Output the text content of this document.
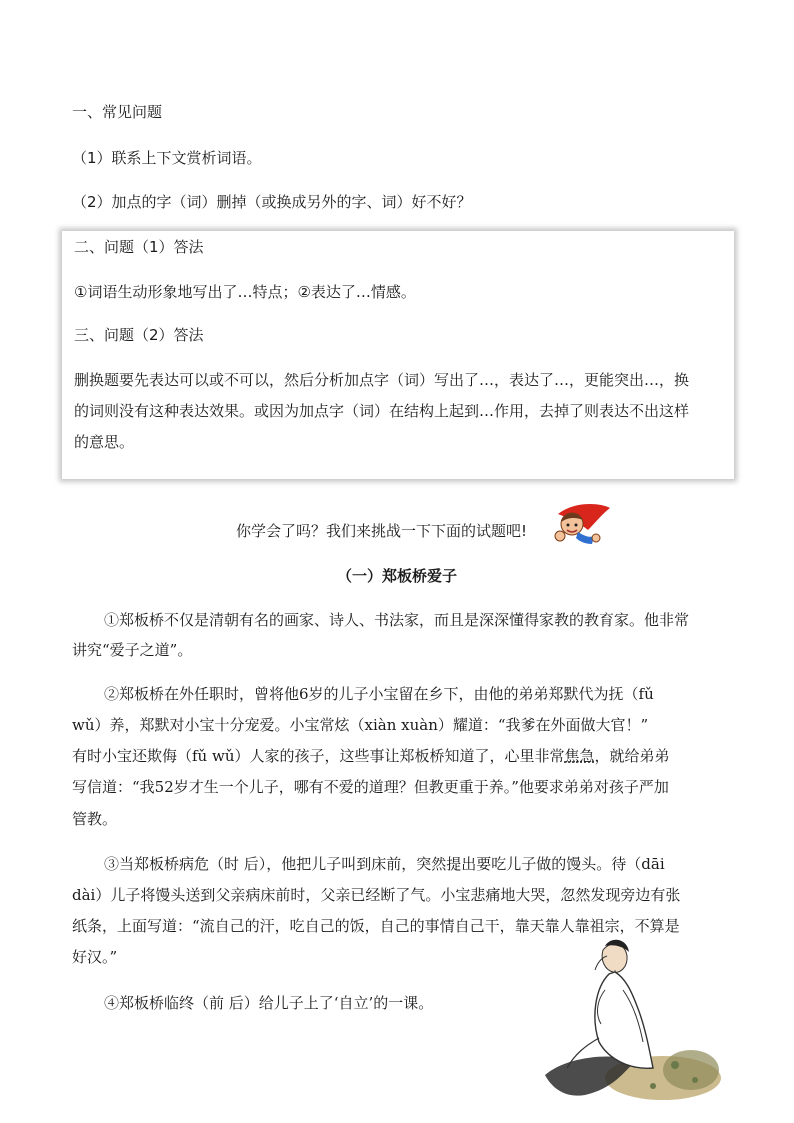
一、常见问题

（1）联系上下文赏析词语。

（2）加点的字（词）删掉（或换成另外的字、词）好不好？

二、问题（1）答法

①词语生动形象地写出了…特点；②表达了…情感。

三、问题（2）答法

删换题要先表达可以或不可以，然后分析加点字（词）写出了…，表达了…，更能突出…，换

的词则没有这种表达效果。或因为加点字（词）在结构上起到…作用，去掉了则表达不出这样

的意思。

你学会了吗？我们来挑战一下下面的试题吧!

（一）郑板桥爱子

①郑板桥不仅是清朝有名的画家、诗人、书法家，而且是深深懂得家教的教育家。他非常

讲究“爱子之道”。

②郑板桥在外任职时，曾将他6岁的儿子小宝留在乡下，由他的弟弟郑默代为抚（fǔ

wǔ）养，郑默对小宝十分宠爱。小宝常炫（xiàn xuàn）耀道：“我爹在外面做大官！”

有时小宝还欺侮（fǔ wǔ）人家的孩子，这些事让郑板桥知道了，心里非常焦急，就给弟弟

写信道：“我52岁才生一个儿子，哪有不爱的道理？但教更重于养。”他要求弟弟对孩子严加

管教。

③当郑板桥病危（时 后），他把儿子叫到床前，突然提出要吃儿子做的馒头。待（dāi

dài）儿子将馒头送到父亲病床前时，父亲已经断了气。小宝悲痛地大哭，忽然发现旁边有张

纸条，上面写道：“流自己的汗，吃自己的饭，自己的事情自己干，靠天靠人靠祖宗，不算是

好汉。”

④郑板桥临终（前 后）给儿子上了‘自立’的一课。
